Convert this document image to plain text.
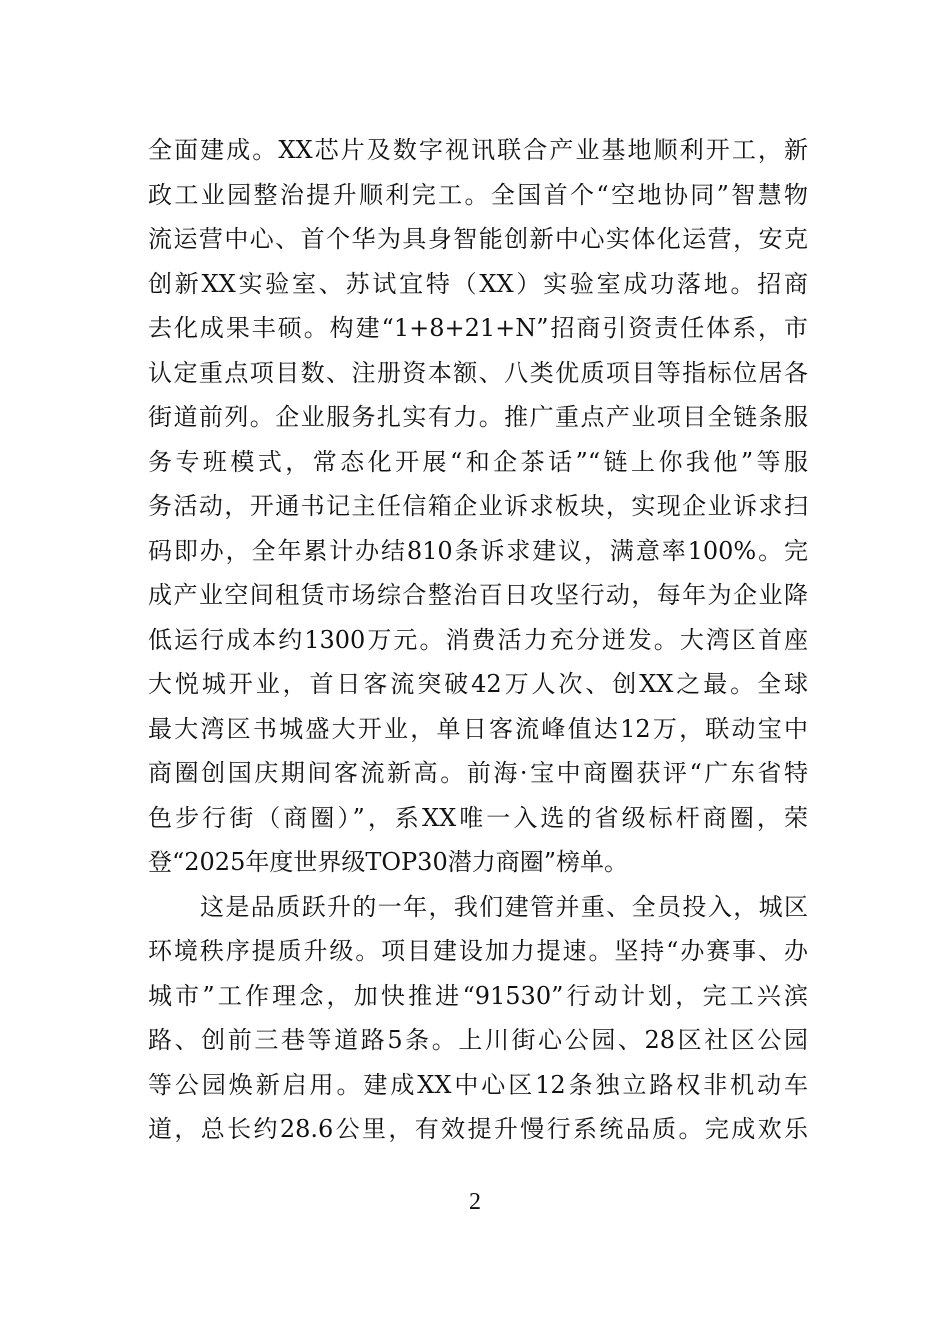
全面建成。XX芯片及数字视讯联合产业基地顺利开工，新
政工业园整治提升顺利完工。全国首个“空地协同”智慧物
流运营中心、首个华为具身智能创新中心实体化运营，安克
创新XX实验室、苏试宜特（XX）实验室成功落地。招商
去化成果丰硕。构建“1+8+21+N”招商引资责任体系，市
认定重点项目数、注册资本额、八类优质项目等指标位居各
街道前列。企业服务扎实有力。推广重点产业项目全链条服
务专班模式，常态化开展“和企茶话”“链上你我他”等服
务活动，开通书记主任信箱企业诉求板块，实现企业诉求扫
码即办，全年累计办结810条诉求建议，满意率100%。完
成产业空间租赁市场综合整治百日攻坚行动，每年为企业降
低运行成本约1300万元。消费活力充分迸发。大湾区首座
大悦城开业，首日客流突破42万人次、创XX之最。全球
最大湾区书城盛大开业，单日客流峰值达12万，联动宝中
商圈创国庆期间客流新高。前海·宝中商圈获评“广东省特
色步行街（商圈）”，系XX唯一入选的省级标杆商圈，荣
登“2025年度世界级TOP30潜力商圈”榜单。
这是品质跃升的一年，我们建管并重、全员投入，城区
环境秩序提质升级。项目建设加力提速。坚持“办赛事、办
城市”工作理念，加快推进“91530”行动计划，完工兴滨
路、创前三巷等道路5条。上川街心公园、28区社区公园
等公园焕新启用。建成XX中心区12条独立路权非机动车
道，总长约28.6公里，有效提升慢行系统品质。完成欢乐
2
